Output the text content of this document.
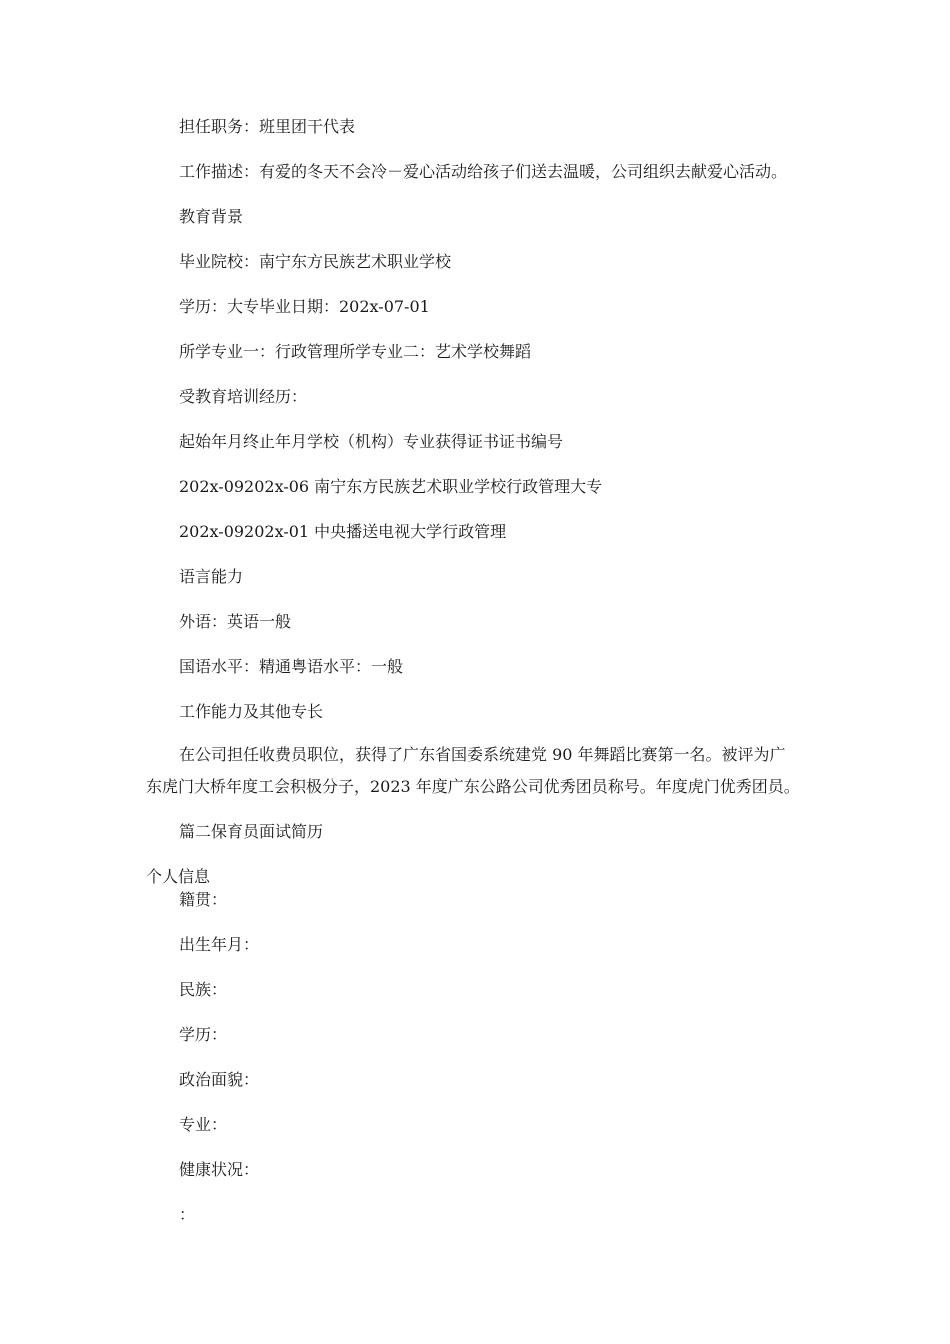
担任职务：班里团干代表

工作描述：有爱的冬天不会冷－爱心活动给孩子们送去温暖，公司组织去献爱心活动。

教育背景

毕业院校：南宁东方民族艺术职业学校

学历：大专毕业日期：202x-07-01

所学专业一：行政管理所学专业二：艺术学校舞蹈

受教育培训经历：

起始年月终止年月学校（机构）专业获得证书证书编号

202x-09202x-06 南宁东方民族艺术职业学校行政管理大专

202x-09202x-01 中央播送电视大学行政管理

语言能力

外语：英语一般

国语水平：精通粤语水平：一般

工作能力及其他专长

在公司担任收费员职位，获得了广东省国委系统建党 90 年舞蹈比赛第一名。被评为广

东虎门大桥年度工会积极分子，2023 年度广东公路公司优秀团员称号。年度虎门优秀团员。

篇二保育员面试简历

个人信息

籍贯：

出生年月：

民族：

学历：

政治面貌：

专业：

健康状况：

：
